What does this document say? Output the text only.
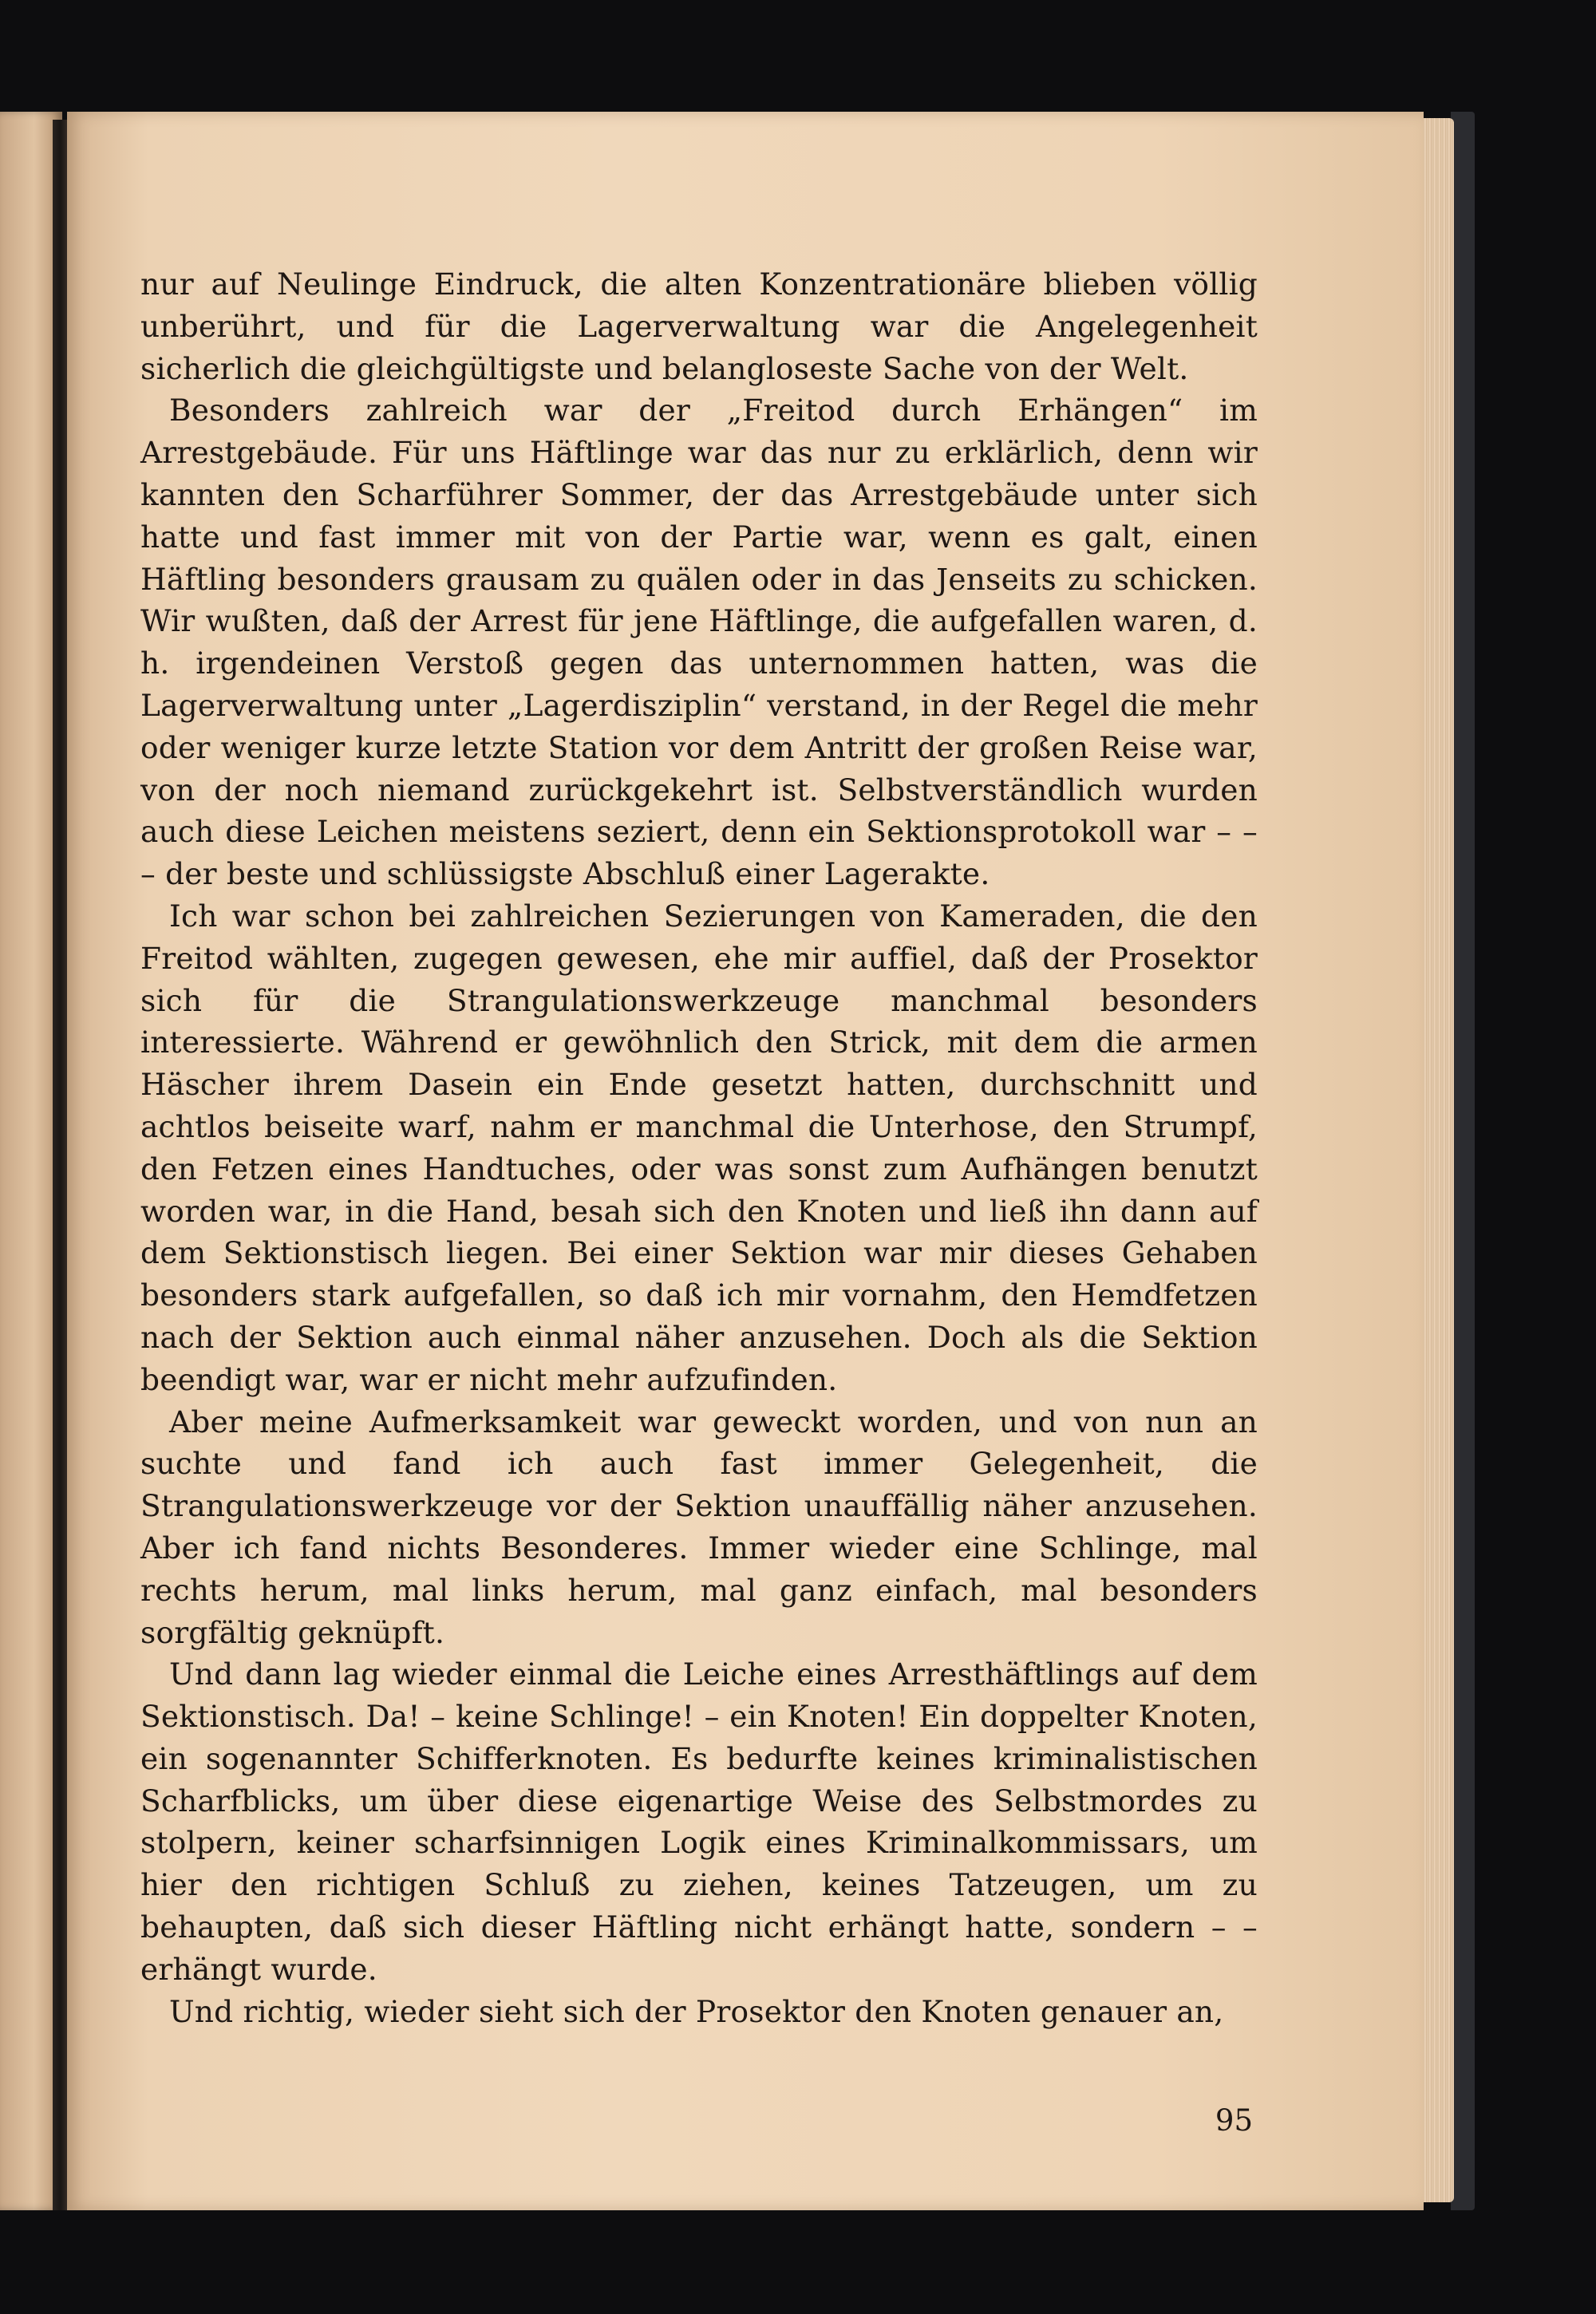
nur auf Neulinge Eindruck, die alten Konzentrationäre blieben völlig unberührt, und für die Lagerverwaltung war die Angelegenheit sicherlich die gleichgültigste und belangloseste Sache von der Welt.

Besonders zahlreich war der „Freitod durch Erhängen“ im Arrestgebäude. Für uns Häftlinge war das nur zu erklärlich, denn wir kannten den Scharführer Sommer, der das Arrestgebäude unter sich hatte und fast immer mit von der Partie war, wenn es galt, einen Häftling besonders grausam zu quälen oder in das Jenseits zu schicken. Wir wußten, daß der Arrest für jene Häftlinge, die aufgefallen waren, d. h. irgendeinen Verstoß gegen das unternommen hatten, was die Lagerverwaltung unter „Lagerdisziplin“ verstand, in der Regel die mehr oder weniger kurze letzte Station vor dem Antritt der großen Reise war, von der noch niemand zurückgekehrt ist. Selbstverständlich wurden auch diese Leichen meistens seziert, denn ein Sektionsprotokoll war – – – der beste und schlüssigste Abschluß einer Lagerakte.

Ich war schon bei zahlreichen Sezierungen von Kameraden, die den Freitod wählten, zugegen gewesen, ehe mir auffiel, daß der Prosektor sich für die Strangulationswerkzeuge manchmal besonders interessierte. Während er gewöhnlich den Strick, mit dem die armen Häscher ihrem Dasein ein Ende gesetzt hatten, durchschnitt und achtlos beiseite warf, nahm er manchmal die Unterhose, den Strumpf, den Fetzen eines Handtuches, oder was sonst zum Aufhängen benutzt worden war, in die Hand, besah sich den Knoten und ließ ihn dann auf dem Sektionstisch liegen. Bei einer Sektion war mir dieses Gehaben besonders stark aufgefallen, so daß ich mir vornahm, den Hemdfetzen nach der Sektion auch einmal näher anzusehen. Doch als die Sektion beendigt war, war er nicht mehr aufzufinden.

Aber meine Aufmerksamkeit war geweckt worden, und von nun an suchte und fand ich auch fast immer Gelegenheit, die Strangulationswerkzeuge vor der Sektion unauffällig näher anzusehen. Aber ich fand nichts Besonderes. Immer wieder eine Schlinge, mal rechts herum, mal links herum, mal ganz einfach, mal besonders sorgfältig geknüpft.

Und dann lag wieder einmal die Leiche eines Arresthäftlings auf dem Sektionstisch. Da! – keine Schlinge! – ein Knoten! Ein doppelter Knoten, ein sogenannter Schifferknoten. Es bedurfte keines kriminalistischen Scharfblicks, um über diese eigenartige Weise des Selbstmordes zu stolpern, keiner scharfsinnigen Logik eines Kriminalkommissars, um hier den richtigen Schluß zu ziehen, keines Tatzeugen, um zu behaupten, daß sich dieser Häftling nicht erhängt hatte, sondern – – erhängt wurde.

Und richtig, wieder sieht sich der Prosektor den Knoten genauer an,

95
